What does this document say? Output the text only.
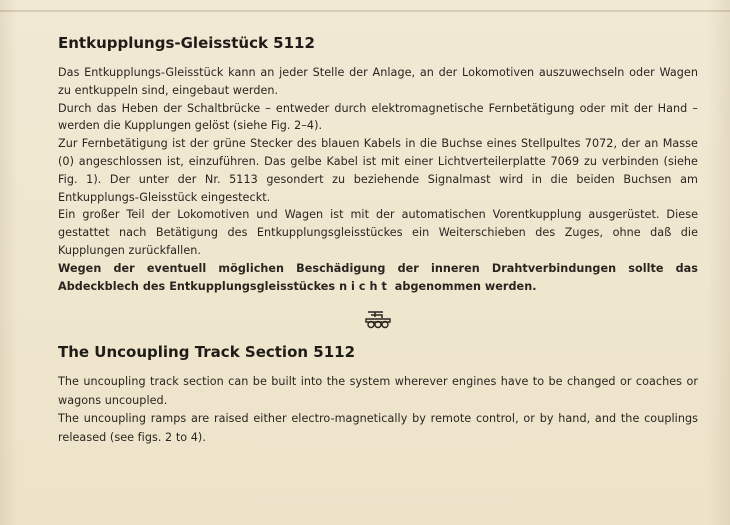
Entkupplungs-Gleisstück 5112

Das Entkupplungs-Gleisstück kann an jeder Stelle der Anlage, an der Lokomotiven auszuwechseln oder Wagen zu entkuppeln sind, eingebaut werden.

Durch das Heben der Schaltbrücke – entweder durch elektromagnetische Fernbetätigung oder mit der Hand – werden die Kupplungen gelöst (siehe Fig. 2–4).

Zur Fernbetätigung ist der grüne Stecker des blauen Kabels in die Buchse eines Stellpultes 7072, der an Masse (0) angeschlossen ist, einzuführen. Das gelbe Kabel ist mit einer Lichtverteilerplatte 7069 zu verbinden (siehe Fig. 1). Der unter der Nr. 5113 gesondert zu beziehende Signalmast wird in die beiden Buchsen am Entkupplungs-Gleisstück eingesteckt.

Ein großer Teil der Lokomotiven und Wagen ist mit der automatischen Vorentkupplung ausgerüstet. Diese gestattet nach Betätigung des Entkupplungsgleisstückes ein Weiterschieben des Zuges, ohne daß die Kupplungen zurückfallen.

Wegen der eventuell möglichen Beschädigung der inneren Drahtverbindungen sollte das Abdeckblech des Entkupplungsgleisstückes nicht abgenommen werden.

The Uncoupling Track Section 5112

The uncoupling track section can be built into the system wherever engines have to be changed or coaches or wagons uncoupled.

The uncoupling ramps are raised either electro-magnetically by remote control, or by hand, and the couplings released (see figs. 2 to 4).
